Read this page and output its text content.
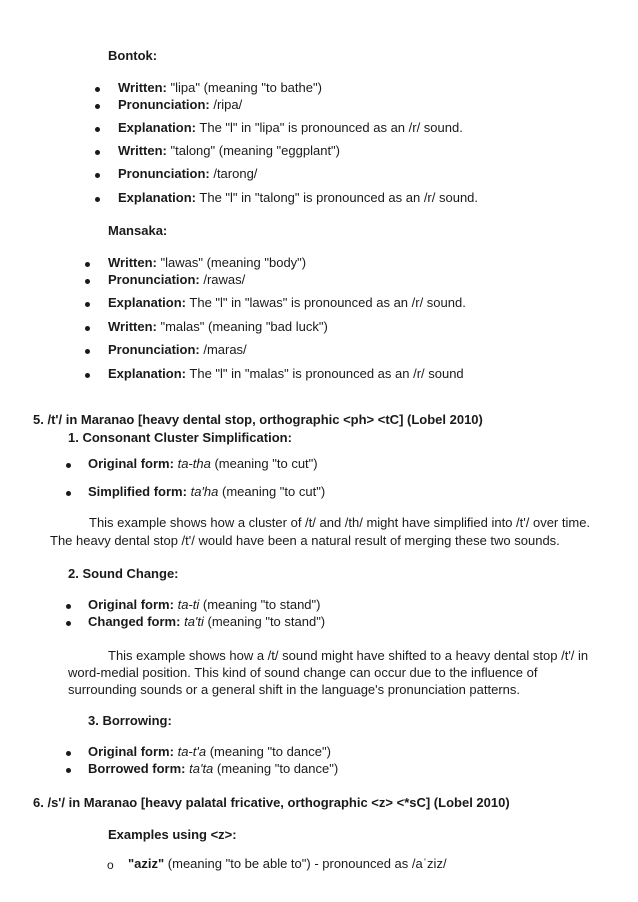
Bontok:
Written: "lipa" (meaning "to bathe")
Pronunciation: /ripa/
Explanation: The "l" in "lipa" is pronounced as an /r/ sound.
Written: "talong" (meaning "eggplant")
Pronunciation: /tarong/
Explanation: The "l" in "talong" is pronounced as an /r/ sound.
Mansaka:
Written: "lawas" (meaning "body")
Pronunciation: /rawas/
Explanation: The "l" in "lawas" is pronounced as an /r/ sound.
Written: "malas" (meaning "bad luck")
Pronunciation: /maras/
Explanation: The "l" in "malas" is pronounced as an /r/ sound
5. /t'/ in Maranao [heavy dental stop, orthographic <ph> <tC] (Lobel 2010)
1. Consonant Cluster Simplification:
Original form: ta-tha (meaning "to cut")
Simplified form: ta'ha (meaning "to cut")
This example shows how a cluster of /t/ and /th/ might have simplified into /t'/ over time.
The heavy dental stop /t'/ would have been a natural result of merging these two sounds.
2. Sound Change:
Original form: ta-ti (meaning "to stand")
Changed form: ta'ti (meaning "to stand")
This example shows how a /t/ sound might have shifted to a heavy dental stop /t'/ in
word-medial position. This kind of sound change can occur due to the influence of
surrounding sounds or a general shift in the language's pronunciation patterns.
3. Borrowing:
Original form: ta-t'a (meaning "to dance")
Borrowed form: ta'ta (meaning "to dance")
6. /s'/ in Maranao [heavy palatal fricative, orthographic <z> <*sC] (Lobel 2010)
Examples using <z>:
o "aziz" (meaning "to be able to") - pronounced as /aˈziz/
